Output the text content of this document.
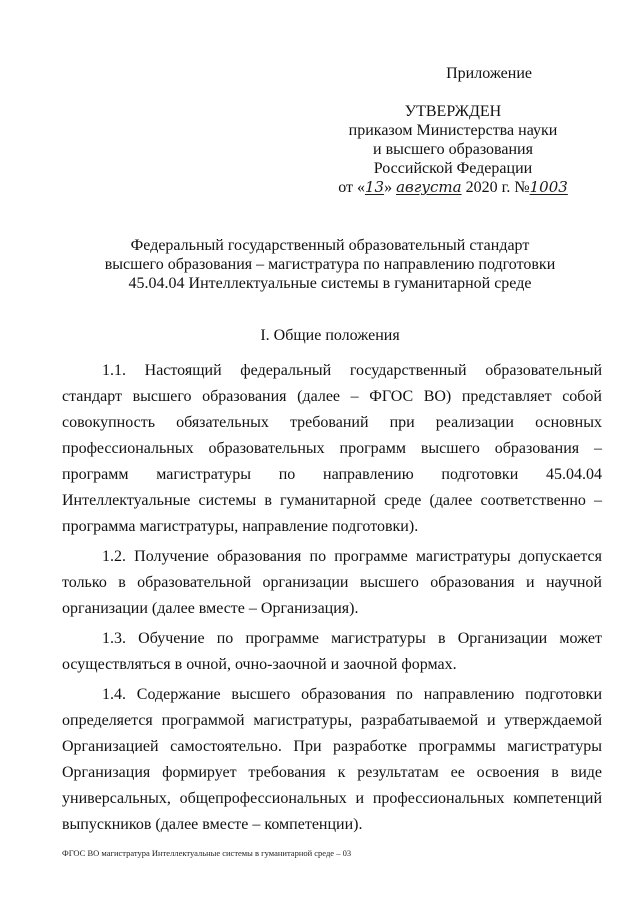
Приложение
УТВЕРЖДЕН
приказом Министерства науки
и высшего образования
Российской Федерации
от «13» августа 2020 г. №1003
Федеральный государственный образовательный стандарт
высшего образования – магистратура по направлению подготовки
45.04.04 Интеллектуальные системы в гуманитарной среде
I. Общие положения

1.1. Настоящий федеральный государственный образовательный стандарт высшего образования (далее – ФГОС ВО) представляет собой совокупность обязательных требований при реализации основных профессиональных образовательных программ высшего образования – программ магистратуры по направлению подготовки 45.04.04 Интеллектуальные системы в гуманитарной среде (далее соответственно – программа магистратуры, направление подготовки).

1.2. Получение образования по программе магистратуры допускается только в образовательной организации высшего образования и научной организации (далее вместе – Организация).

1.3. Обучение по программе магистратуры в Организации может осуществляться в очной, очно-заочной и заочной формах.

1.4. Содержание высшего образования по направлению подготовки определяется программой магистратуры, разрабатываемой и утверждаемой Организацией самостоятельно. При разработке программы магистратуры Организация формирует требования к результатам ее освоения в виде универсальных, общепрофессиональных и профессиональных компетенций выпускников (далее вместе – компетенции).

ФГОС ВО магистратура Интеллектуальные системы в гуманитарной среде – 03
